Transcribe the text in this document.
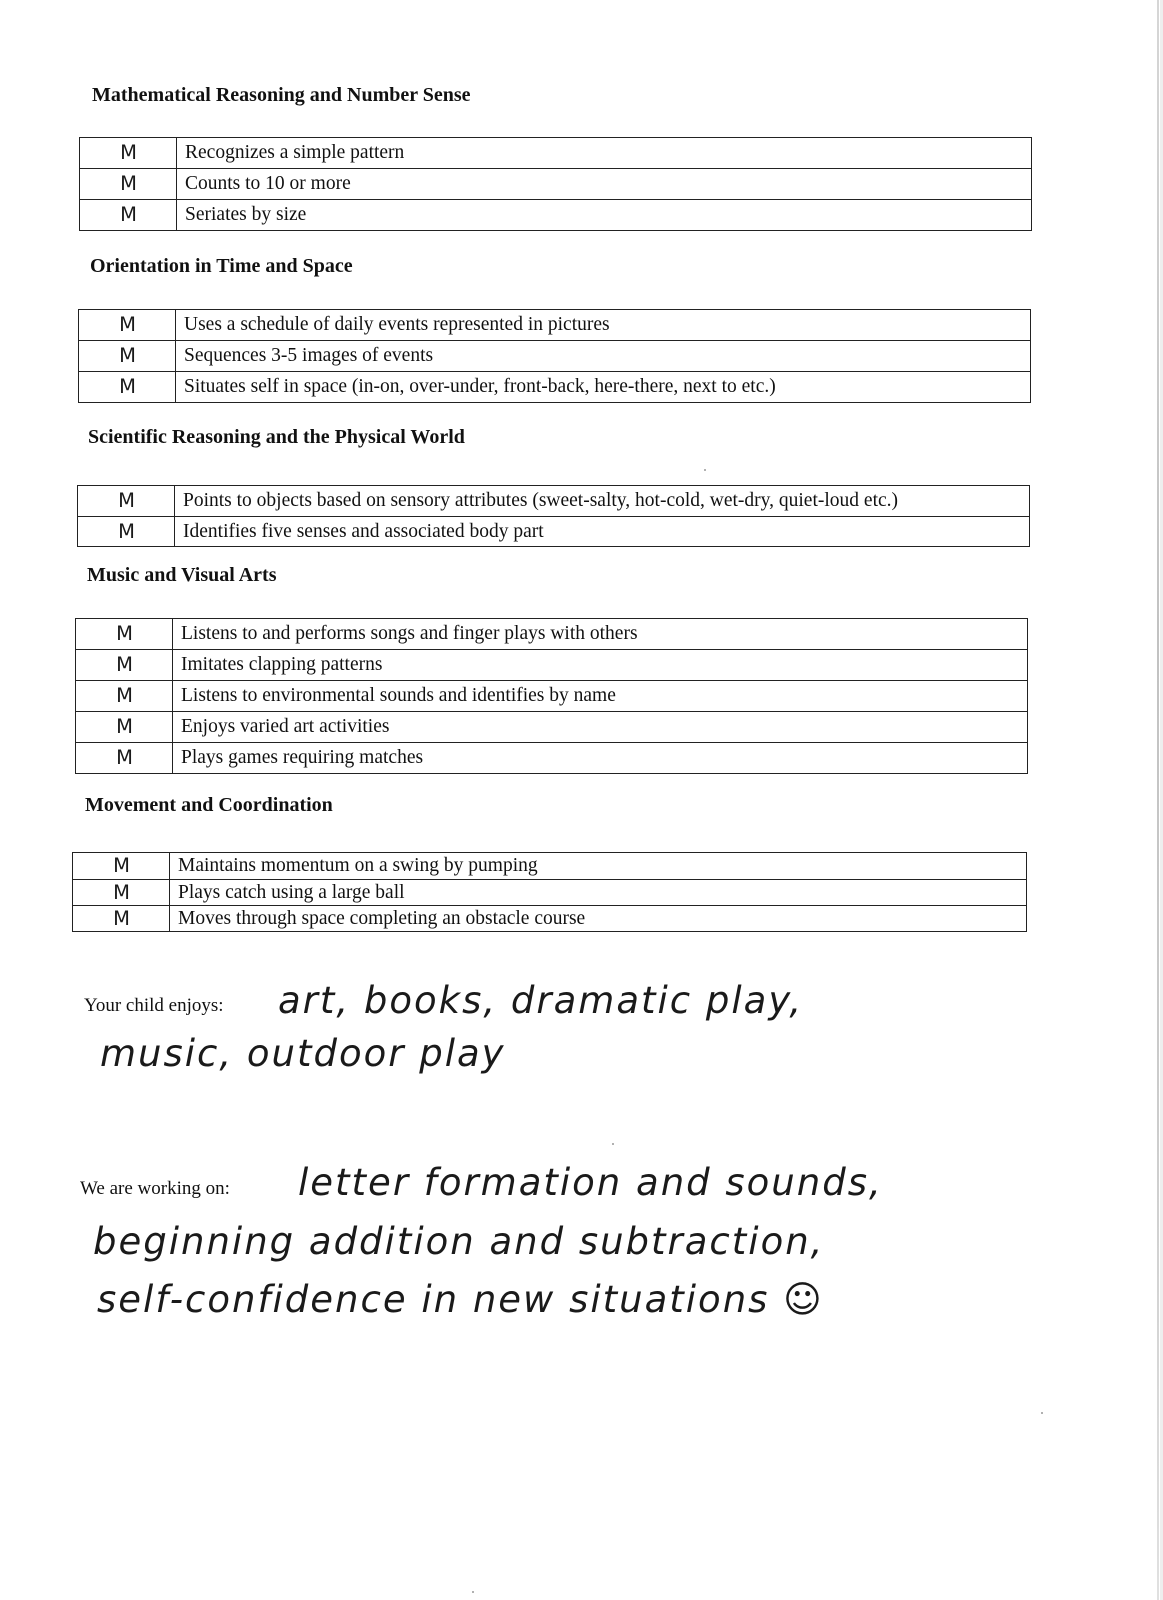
Mathematical Reasoning and Number Sense
M	Recognizes a simple pattern
M	Counts to 10 or more
M	Seriates by size
Orientation in Time and Space
M	Uses a schedule of daily events represented in pictures
M	Sequences 3-5 images of events
M	Situates self in space (in-on, over-under, front-back, here-there, next to etc.)
Scientific Reasoning and the Physical World
M	Points to objects based on sensory attributes (sweet-salty, hot-cold, wet-dry, quiet-loud etc.)
M	Identifies five senses and associated body part
Music and Visual Arts
M	Listens to and performs songs and finger plays with others
M	Imitates clapping patterns
M	Listens to environmental sounds and identifies by name
M	Enjoys varied art activities
M	Plays games requiring matches
Movement and Coordination
M	Maintains momentum on a swing by pumping
M	Plays catch using a large ball
M	Moves through space completing an obstacle course
Your child enjoys: art, books, dramatic play,
music, outdoor play
We are working on: letter formation and sounds,
beginning addition and subtraction,
self-confidence in new situations ☺
